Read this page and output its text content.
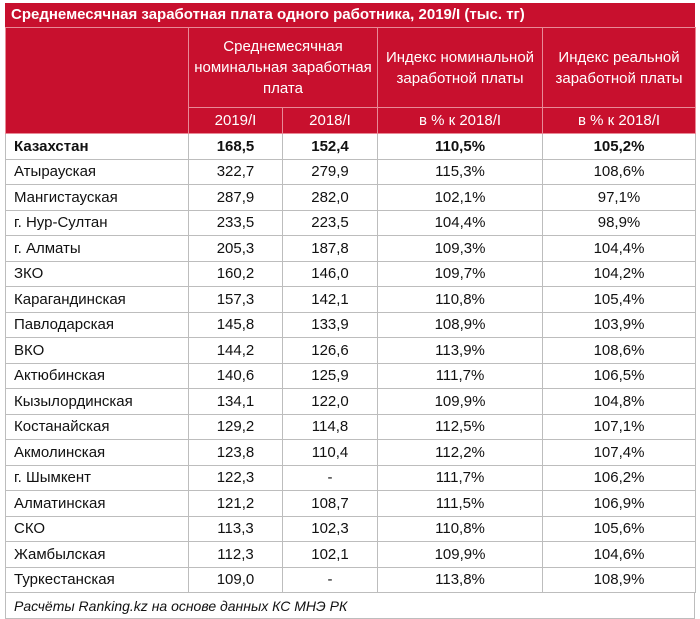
Среднемесячная заработная плата одного работника, 2019/I (тыс. тг)
	Среднемесячная номинальная заработная плата		Индекс номинальной заработной платы	Индекс реальной заработной платы
	2019/I	2018/I	в % к 2018/I	в % к 2018/I
Казахстан	168,5	152,4	110,5%	105,2%
Атырауская	322,7	279,9	115,3%	108,6%
Мангистауская	287,9	282,0	102,1%	97,1%
г. Нур-Султан	233,5	223,5	104,4%	98,9%
г. Алматы	205,3	187,8	109,3%	104,4%
ЗКО	160,2	146,0	109,7%	104,2%
Карагандинская	157,3	142,1	110,8%	105,4%
Павлодарская	145,8	133,9	108,9%	103,9%
ВКО	144,2	126,6	113,9%	108,6%
Актюбинская	140,6	125,9	111,7%	106,5%
Кызылординская	134,1	122,0	109,9%	104,8%
Костанайская	129,2	114,8	112,5%	107,1%
Акмолинская	123,8	110,4	112,2%	107,4%
г. Шымкент	122,3	-	111,7%	106,2%
Алматинская	121,2	108,7	111,5%	106,9%
СКО	113,3	102,3	110,8%	105,6%
Жамбылская	112,3	102,1	109,9%	104,6%
Туркестанская	109,0	-	113,8%	108,9%
Расчёты Ranking.kz на основе данных КС МНЭ РК
